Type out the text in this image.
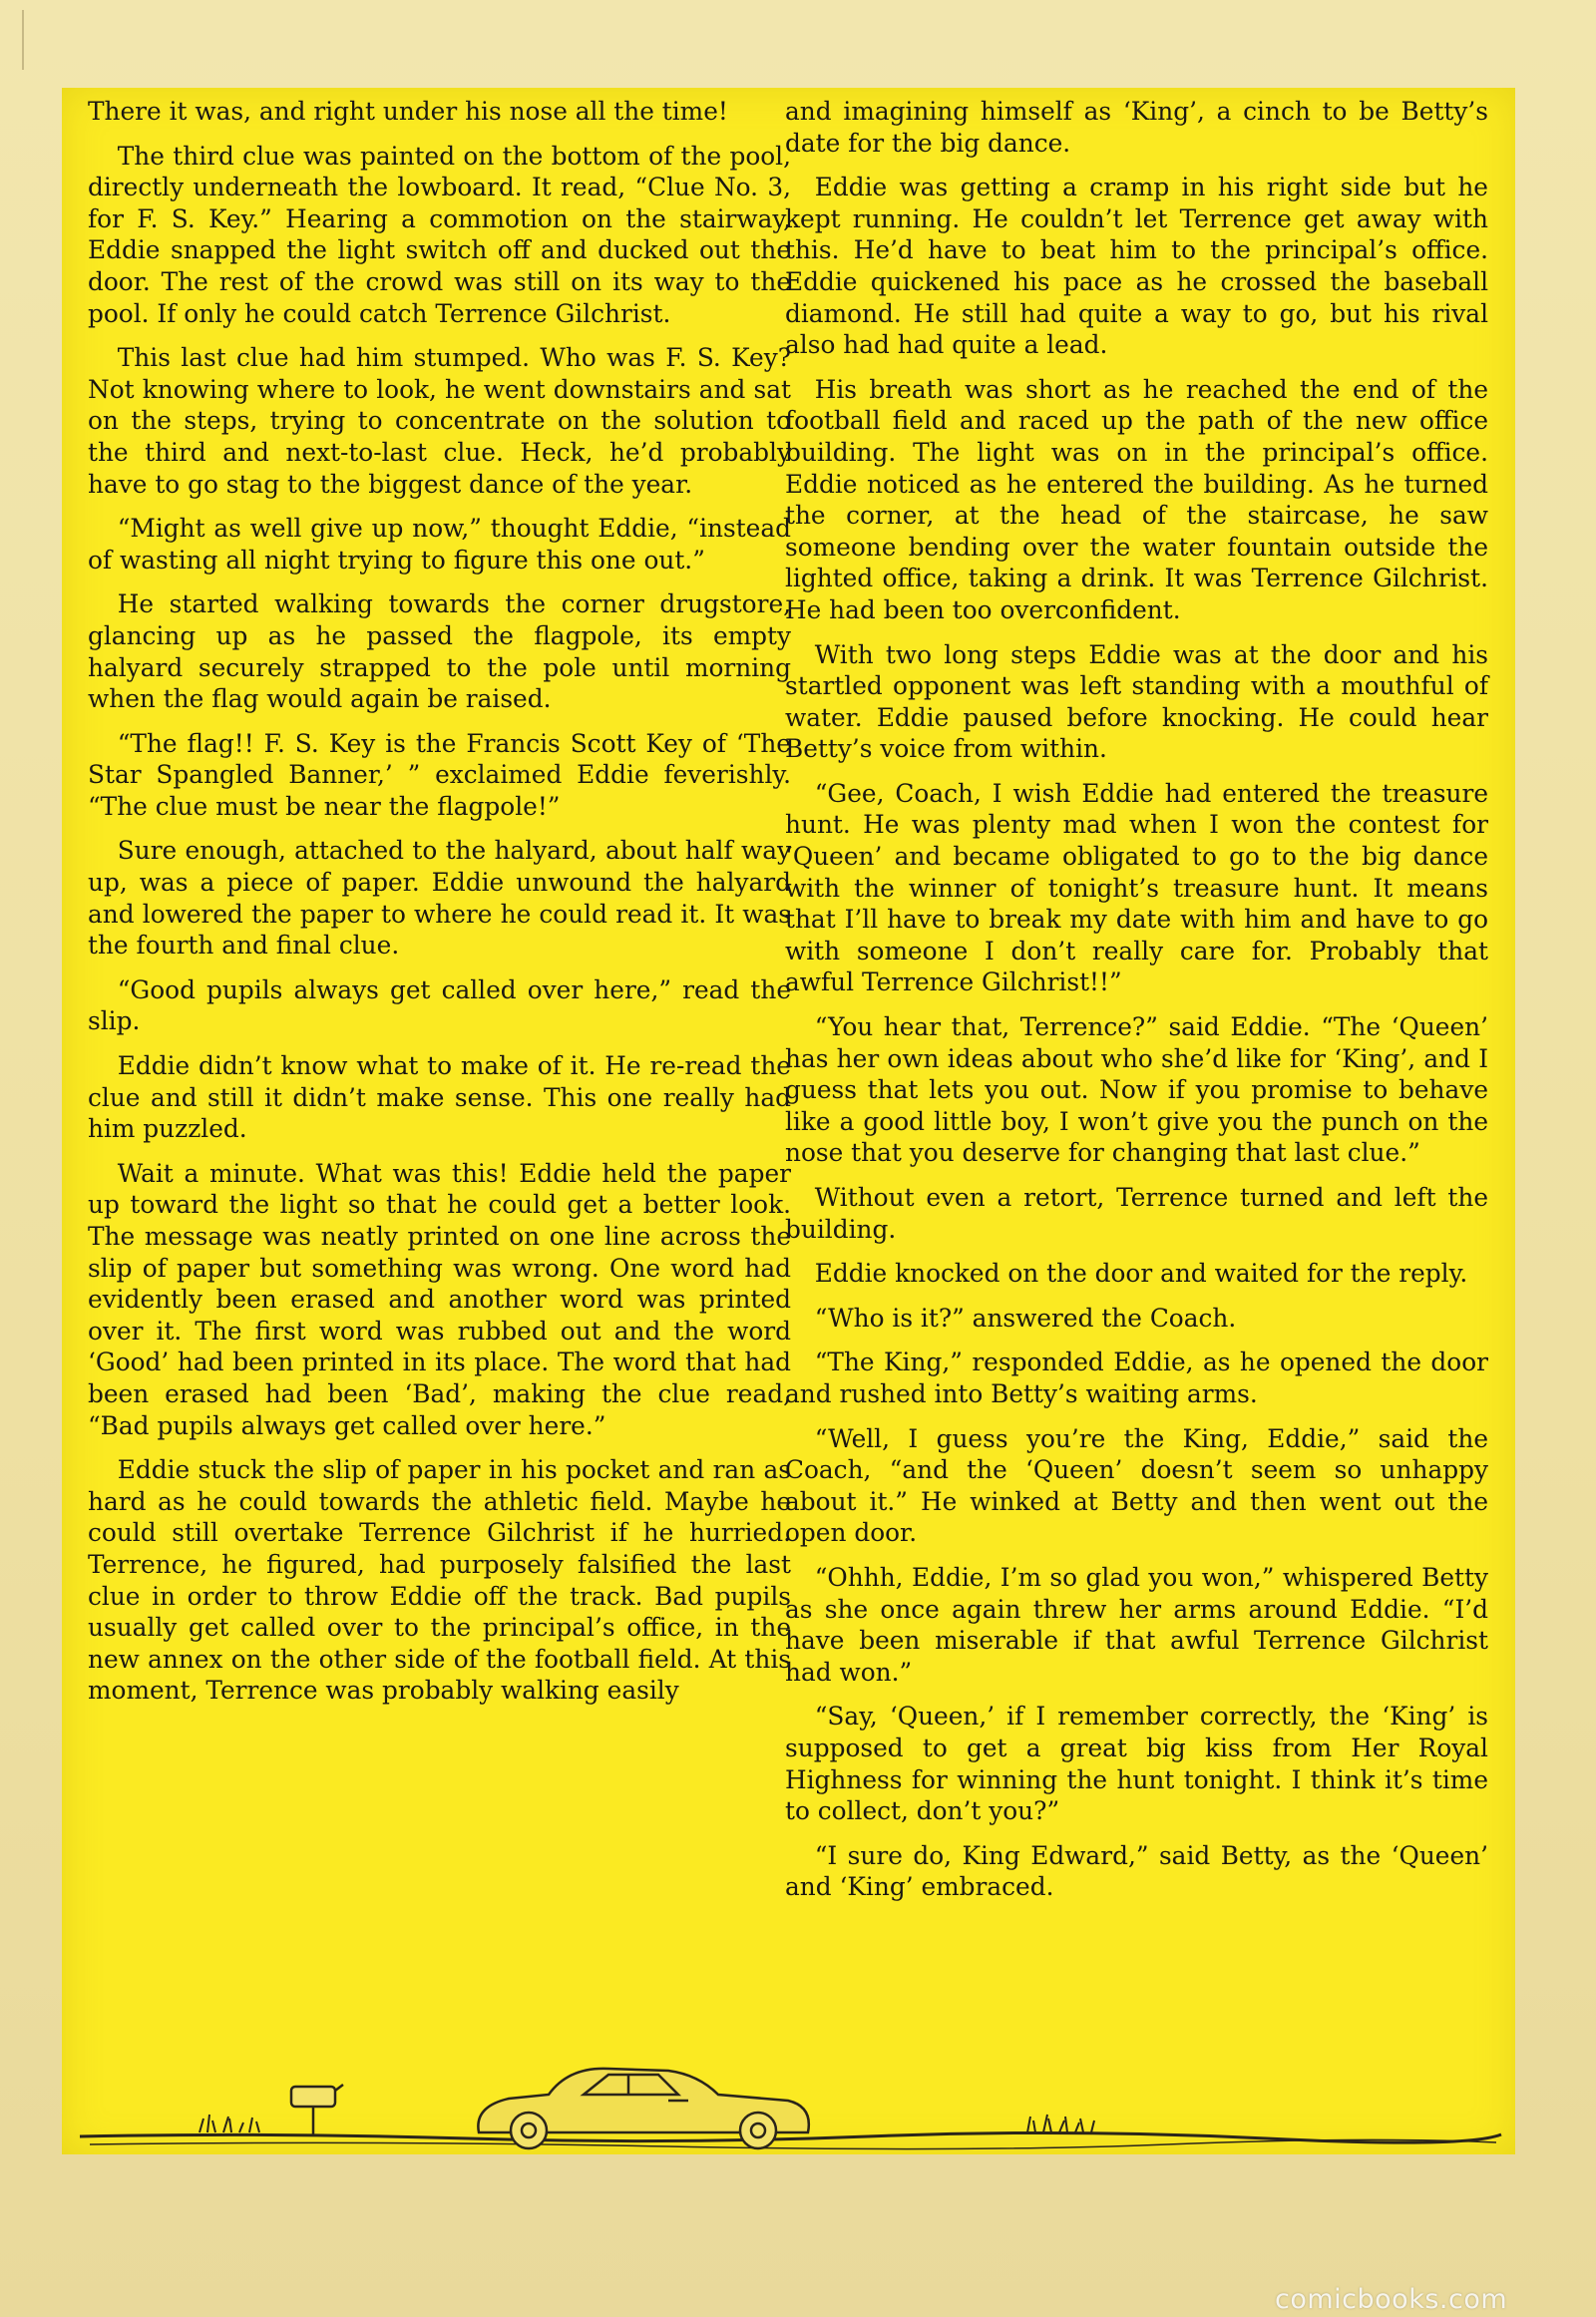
There it was, and right under his nose all the time!

The third clue was painted on the bottom of the pool, directly underneath the lowboard. It read, “Clue No. 3, for F. S. Key.” Hearing a commotion on the stairway, Eddie snapped the light switch off and ducked out the door. The rest of the crowd was still on its way to the pool. If only he could catch Terrence Gilchrist.

This last clue had him stumped. Who was F. S. Key? Not knowing where to look, he went downstairs and sat on the steps, trying to concentrate on the solution to the third and next-to-last clue. Heck, he’d probably have to go stag to the biggest dance of the year.

“Might as well give up now,” thought Eddie, “instead of wasting all night trying to figure this one out.”

He started walking towards the corner drugstore, glancing up as he passed the flagpole, its empty halyard securely strapped to the pole until morning when the flag would again be raised.

“The flag!! F. S. Key is the Francis Scott Key of ‘The Star Spangled Banner,’ ” exclaimed Eddie feverishly. “The clue must be near the flagpole!”

Sure enough, attached to the halyard, about half way up, was a piece of paper. Eddie unwound the halyard and lowered the paper to where he could read it. It was the fourth and final clue.

“Good pupils always get called over here,” read the slip.

Eddie didn’t know what to make of it. He re-read the clue and still it didn’t make sense. This one really had him puzzled.

Wait a minute. What was this! Eddie held the paper up toward the light so that he could get a better look. The message was neatly printed on one line across the slip of paper but something was wrong. One word had evidently been erased and another word was printed over it. The first word was rubbed out and the word ‘Good’ had been printed in its place. The word that had been erased had been ‘Bad’, making the clue read, “Bad pupils always get called over here.”

Eddie stuck the slip of paper in his pocket and ran as hard as he could towards the athletic field. Maybe he could still overtake Terrence Gilchrist if he hurried. Terrence, he figured, had purposely falsified the last clue in order to throw Eddie off the track. Bad pupils usually get called over to the principal’s office, in the new annex on the other side of the football field. At this moment, Terrence was probably walking easily

and imagining himself as ‘King’, a cinch to be Betty’s date for the big dance.

Eddie was getting a cramp in his right side but he kept running. He couldn’t let Terrence get away with this. He’d have to beat him to the principal’s office. Eddie quickened his pace as he crossed the baseball diamond. He still had quite a way to go, but his rival also had had quite a lead.

His breath was short as he reached the end of the football field and raced up the path of the new office building. The light was on in the principal’s office. Eddie noticed as he entered the building. As he turned the corner, at the head of the staircase, he saw someone bending over the water fountain outside the lighted office, taking a drink. It was Terrence Gilchrist. He had been too overconfident.

With two long steps Eddie was at the door and his startled opponent was left standing with a mouthful of water. Eddie paused before knocking. He could hear Betty’s voice from within.

“Gee, Coach, I wish Eddie had entered the treasure hunt. He was plenty mad when I won the contest for ‘Queen’ and became obligated to go to the big dance with the winner of tonight’s treasure hunt. It means that I’ll have to break my date with him and have to go with someone I don’t really care for. Probably that awful Terrence Gilchrist!!”

“You hear that, Terrence?” said Eddie. “The ‘Queen’ has her own ideas about who she’d like for ‘King’, and I guess that lets you out. Now if you promise to behave like a good little boy, I won’t give you the punch on the nose that you deserve for changing that last clue.”

Without even a retort, Terrence turned and left the building.

Eddie knocked on the door and waited for the reply.

“Who is it?” answered the Coach.

“The King,” responded Eddie, as he opened the door and rushed into Betty’s waiting arms.

“Well, I guess you’re the King, Eddie,” said the Coach, “and the ‘Queen’ doesn’t seem so unhappy about it.” He winked at Betty and then went out the open door.

“Ohhh, Eddie, I’m so glad you won,” whispered Betty as she once again threw her arms around Eddie. “I’d have been miserable if that awful Terrence Gilchrist had won.”

“Say, ‘Queen,’ if I remember correctly, the ‘King’ is supposed to get a great big kiss from Her Royal Highness for winning the hunt tonight. I think it’s time to collect, don’t you?”

“I sure do, King Edward,” said Betty, as the ‘Queen’ and ‘King’ embraced.

comicbooks.com
